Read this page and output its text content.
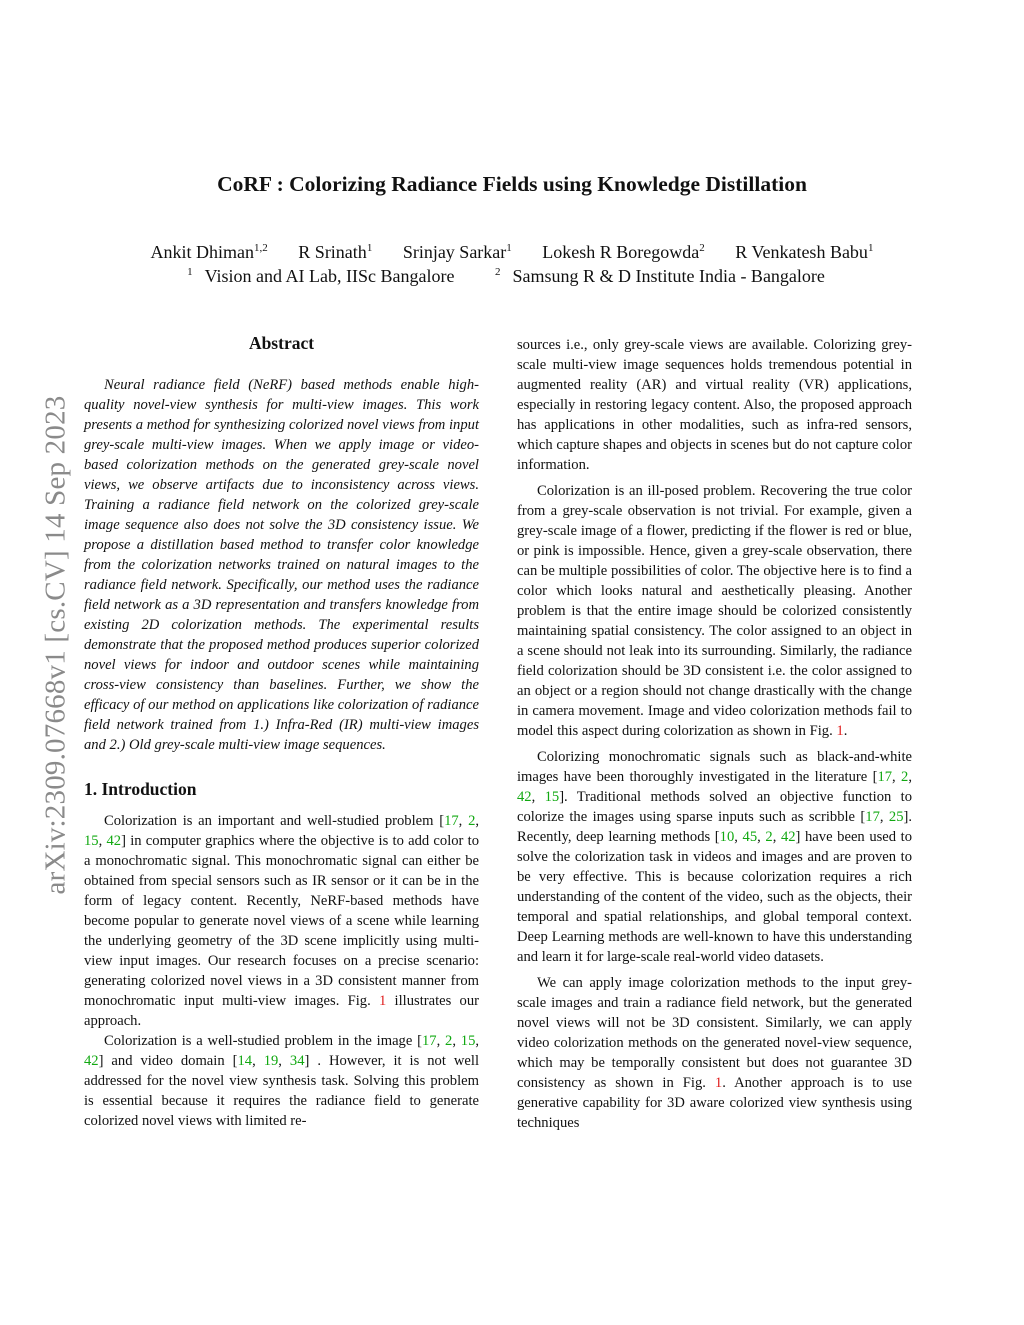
CoRF : Colorizing Radiance Fields using Knowledge Distillation
Ankit Dhiman$^{1,2}$ R Srinath$^1$ Srinjay Sarkar$^1$ Lokesh R Boregowda$^2$ R Venkatesh Babu$^1$
$^1$ Vision and AI Lab, IISc Bangalore	$^2$ Samsung R & D Institute India - Bangalore
arXiv:2309.07668v1 [cs.CV] 14 Sep 2023
Abstract

Neural radiance field (NeRF) based methods enable high-quality novel-view synthesis for multi-view images. This work presents a method for synthesizing colorized novel views from input grey-scale multi-view images. When we apply image or video-based colorization methods on the generated grey-scale novel views, we observe artifacts due to inconsistency across views. Training a radiance field network on the colorized grey-scale image sequence also does not solve the 3D consistency issue. We propose a distillation based method to transfer color knowledge from the colorization networks trained on natural images to the radiance field network. Specifically, our method uses the radiance field network as a 3D representation and transfers knowledge from existing 2D colorization methods. The experimental results demonstrate that the proposed method produces superior colorized novel views for indoor and outdoor scenes while maintaining cross-view consistency than baselines. Further, we show the efficacy of our method on applications like colorization of radiance field network trained from 1.) Infra-Red (IR) multi-view images and 2.) Old grey-scale multi-view image sequences.

1. Introduction

Colorization is an important and well-studied problem [17, 2, 15, 42] in computer graphics where the objective is to add color to a monochromatic signal. This monochromatic signal can either be obtained from special sensors such as IR sensor or it can be in the form of legacy content. Recently, NeRF-based methods have become popular to generate novel views of a scene while learning the underlying geometry of the 3D scene implicitly using multi-view input images. Our research focuses on a precise scenario: generating colorized novel views in a 3D consistent manner from monochromatic input multi-view images. Fig. 1 illustrates our approach.

Colorization is a well-studied problem in the image [17, 2, 15, 42] and video domain [14, 19, 34] . However, it is not well addressed for the novel view synthesis task. Solving this problem is essential because it requires the radiance field to generate colorized novel views with limited re-

sources i.e., only grey-scale views are available. Colorizing grey-scale multi-view image sequences holds tremendous potential in augmented reality (AR) and virtual reality (VR) applications, especially in restoring legacy content. Also, the proposed approach has applications in other modalities, such as infra-red sensors, which capture shapes and objects in scenes but do not capture color information.

Colorization is an ill-posed problem. Recovering the true color from a grey-scale observation is not trivial. For example, given a grey-scale image of a flower, predicting if the flower is red or blue, or pink is impossible. Hence, given a grey-scale observation, there can be multiple possibilities of color. The objective here is to find a color which looks natural and aesthetically pleasing. Another problem is that the entire image should be colorized consistently maintaining spatial consistency. The color assigned to an object in a scene should not leak into its surrounding. Similarly, the radiance field colorization should be 3D consistent i.e. the color assigned to an object or a region should not change drastically with the change in camera movement. Image and video colorization methods fail to model this aspect during colorization as shown in Fig. 1.

Colorizing monochromatic signals such as black-and-white images have been thoroughly investigated in the literature [17, 2, 42, 15]. Traditional methods solved an objective function to colorize the images using sparse inputs such as scribble [17, 25]. Recently, deep learning methods [10, 45, 2, 42] have been used to solve the colorization task in videos and images and are proven to be very effective. This is because colorization requires a rich understanding of the content of the video, such as the objects, their temporal and spatial relationships, and global temporal context. Deep Learning methods are well-known to have this understanding and learn it for large-scale real-world video datasets.

We can apply image colorization methods to the input grey-scale images and train a radiance field network, but the generated novel views will not be 3D consistent. Similarly, we can apply video colorization methods on the generated novel-view sequence, which may be temporally consistent but does not guarantee 3D consistency as shown in Fig. 1. Another approach is to use generative capability for 3D aware colorized view synthesis using techniques
